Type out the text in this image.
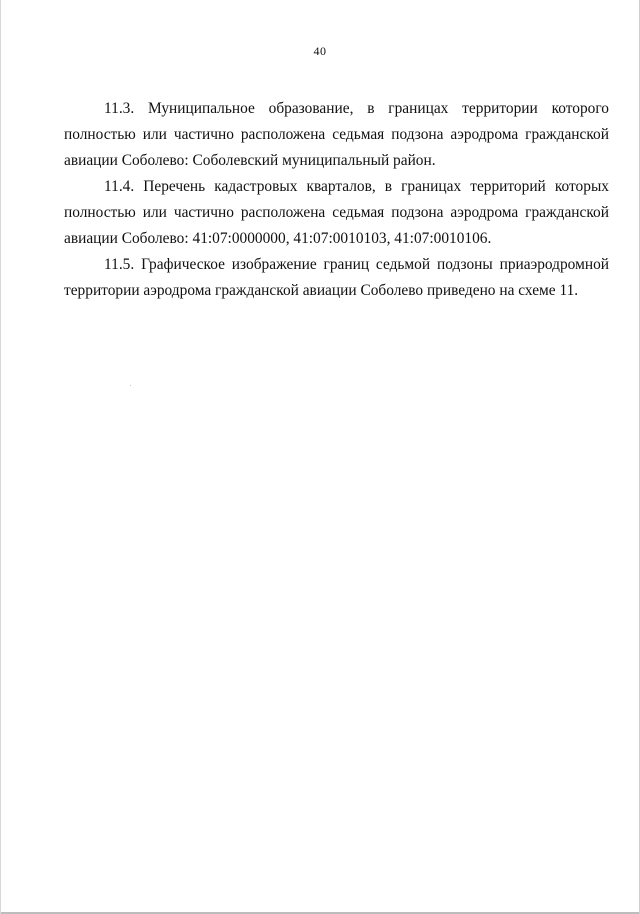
40

11.3. Муниципальное образование, в границах территории которого полностью или частично расположена седьмая подзона аэродрома гражданской авиации Соболево: Соболевский муниципальный район.

11.4. Перечень кадастровых кварталов, в границах территорий которых полностью или частично расположена седьмая подзона аэродрома гражданской авиации Соболево: 41:07:0000000, 41:07:0010103, 41:07:0010106.

11.5. Графическое изображение границ седьмой подзоны приаэродромной территории аэродрома гражданской авиации Соболево приведено на схеме 11.
